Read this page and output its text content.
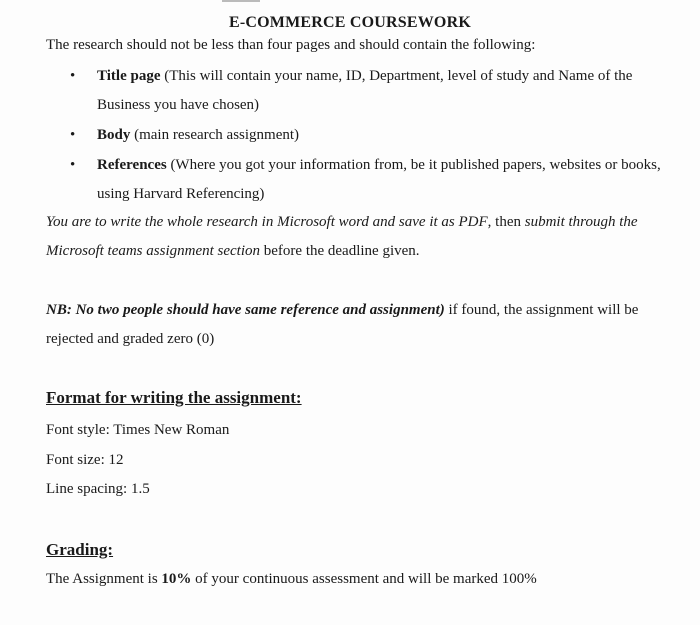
E-COMMERCE COURSEWORK
The research should not be less than four pages and should contain the following:
• Title page (This will contain your name, ID, Department, level of study and Name of the Business you have chosen)
• Body (main research assignment)
• References (Where you got your information from, be it published papers, websites or books, using Harvard Referencing)
You are to write the whole research in Microsoft word and save it as PDF, then submit through the Microsoft teams assignment section before the deadline given.
NB: No two people should have same reference and assignment) if found, the assignment will be rejected and graded zero (0)
Format for writing the assignment:
Font style: Times New Roman
Font size: 12
Line spacing: 1.5
Grading:
The Assignment is 10% of your continuous assessment and will be marked 100%
